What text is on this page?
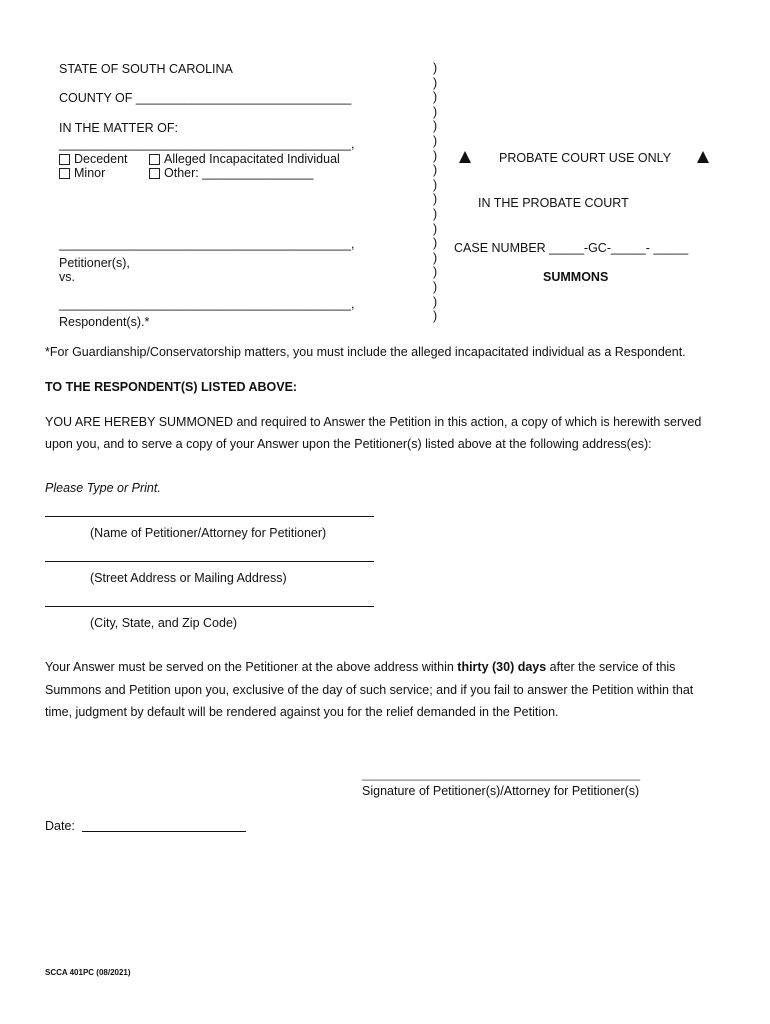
STATE OF SOUTH CAROLINA
COUNTY OF _______________________________
IN THE MATTER OF:
__________________________________________,
Decedent	Alleged Incapacitated Individual
Minor	Other: ________________
__________________________________________,
Petitioner(s),
vs.
__________________________________________,
Respondent(s).*
)
)
)
)
)
)
)
)
)
)
)
)
)
)
)
)
)
)
PROBATE COURT USE ONLY
IN THE PROBATE COURT
CASE NUMBER _____-GC-_____- _____
SUMMONS
*For Guardianship/Conservatorship matters, you must include the alleged incapacitated individual as a Respondent.
TO THE RESPONDENT(S) LISTED ABOVE:
YOU ARE HEREBY SUMMONED and required to Answer the Petition in this action, a copy of which is herewith served
upon you, and to serve a copy of your Answer upon the Petitioner(s) listed above at the following address(es):
Please Type or Print.
(Name of Petitioner/Attorney for Petitioner)
(Street Address or Mailing Address)
(City, State, and Zip Code)
Your Answer must be served on the Petitioner at the above address within thirty (30) days after the service of this
Summons and Petition upon you, exclusive of the day of such service; and if you fail to answer the Petition within that
time, judgment by default will be rendered against you for the relief demanded in the Petition.
________________________________________
Signature of Petitioner(s)/Attorney for Petitioner(s)
Date:
SCCA 401PC (08/2021)
